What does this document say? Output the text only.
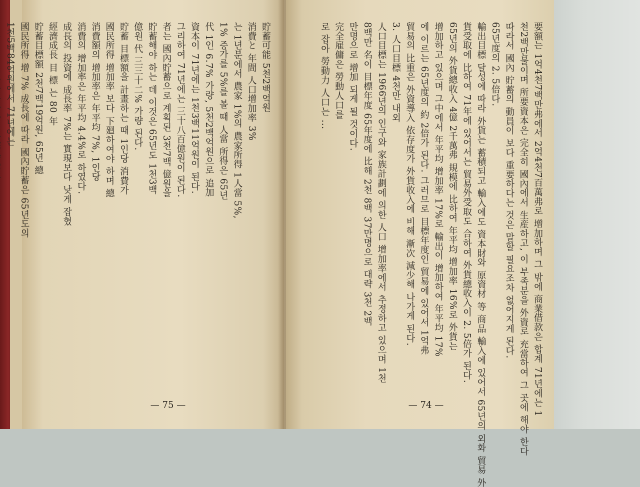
貯蓄可能 5천2백억원
消費と 年間 人口增加率 3%
는 1년분에서 農家 1%의 農家所得 1人當 5%,
1% 증가를 5%를 볼 때 人當 所得은 65년
代 1인 6.7% 가량, 5천2백억원으로 追加
資本이 71년에는 1천3백11억원이 된다.
그리하여 71년에는 三十八百億원이 된다.
者는 國內貯蓄으로 계획된 3천7백 億원을
貯蓄해야 하는 데 이것은 65년도 1천3백
億원 代 三三十二% 가량 된다.
貯蓄 目標額을 計畫하는 때 1인당 消費가
國民所得 增加率 보다 下廻하여야 하며 總
消費額의 增加率은 年平均 7%, 1인당
消費의 增加率은 年平均 4.4%로 하였다.
成長의 投資에 成長率 7%는 實現보다 낮게 잡혔
經濟成長 目 標 는 80 年
貯蓄目標額 2천7백19억원, 65년 總
國民所得 增 7% 成長에 따라 國內貯蓄은 65년도의
1천5백84억원에서 71년에는
— 75 —	要額는 1억4천7백만弗에서 2억4천7百萬弗로 增加하며 그 밖에 商業借款은 합계 71년에는 1
천2백만불이며 所要資本은 完全히 國內에서 生産하고, 이 부족분을 外資로 充當하여 그 곳에 해야 한다
따라서 國內 貯蓄의 動員이 보다 重要하다는 것은 말할 필요조차 없어지게 된다.
65년度의 2. 5倍다.
輸出目標 달성에 따라 外貨는 蓄積되고 輸入에도 資本財와 原資材 等 商品 輸入에 있어서 65년의 외화 貿易 外
貨受取에 比하여 71年에 있어서는 貿易外受取도 合하여 外貨總收入이 2. 5倍가 된다.
65년의 外貨總收入 4億 2千萬弗 規模에 比하여 年平均 增加率 16%로 外貨는
增加하고 있으며 그中에서 年平均 增加率 17%로 輸出이 增加하여 年平均 17%
에 이르는 65년度의 約 2倍가 된다. 그러므로 目標年度인 貿易에 있어서 1억弗
貿易의 比重은 外資導入 依存度가 外貨收入에 비해 漸次 減少해 나가게 된다.
3. 人口目標 4천만 내외
人口目標는 1966년의 인구와 家族計劃에 의한 人口 增加率에서 추정하고 있으며 1천
8백만 名이 目標年度 65年度에 比해 2천 8백 37만명으로 대략 3천 2백
만명으로 增加 되게 될 것이다.
完全雇傭은 勞動人口를
로 잡아 勞動力 人口는 ...
— 74 —
